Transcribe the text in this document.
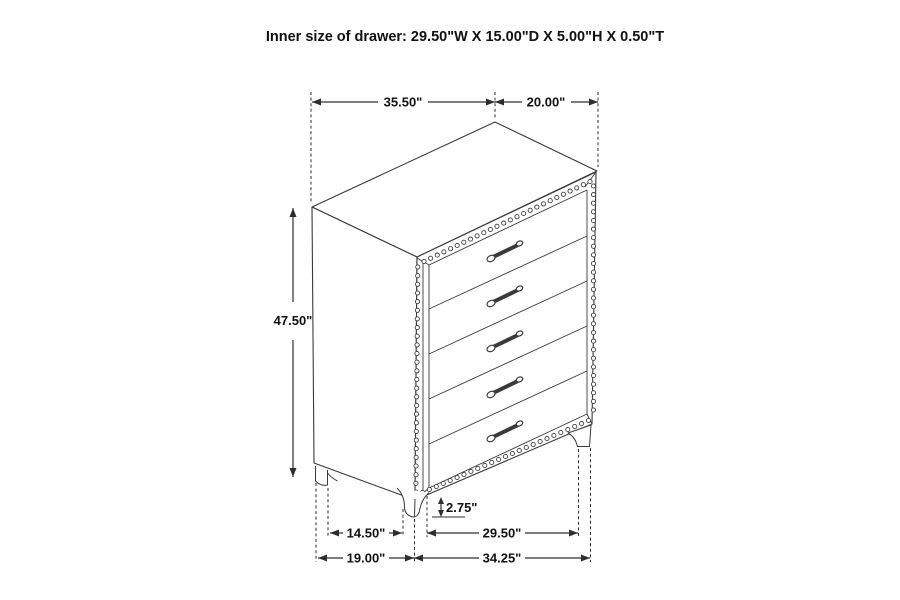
Inner size of drawer: 29.50"W X 15.00"D X 5.00"H X 0.50"T
35.50"	20.00"
47.50"
2.75"
14.50"	29.50"
19.00"	34.25"
